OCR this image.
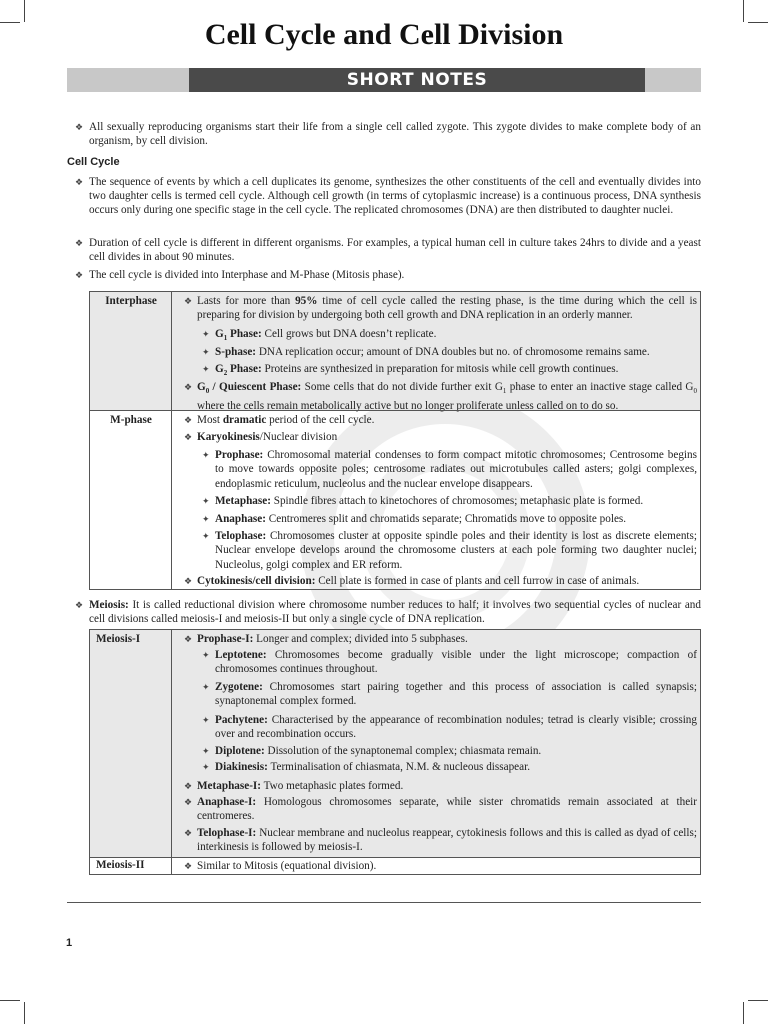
Cell Cycle and Cell Division
SHORT NOTES
❖ All sexually reproducing organisms start their life from a single cell called zygote. This zygote divides to make complete body of an organism, by cell division.
Cell Cycle
❖ The sequence of events by which a cell duplicates its genome, synthesizes the other constituents of the cell and eventually divides into two daughter cells is termed cell cycle. Although cell growth (in terms of cytoplasmic increase) is a continuous process, DNA synthesis occurs only during one specific stage in the cell cycle. The replicated chromosomes (DNA) are then distributed to daughter nuclei.
❖ Duration of cell cycle is different in different organisms. For examples, a typical human cell in culture takes 24hrs to divide and a yeast cell divides in about 90 minutes.
❖ The cell cycle is divided into Interphase and M-Phase (Mitosis phase).
Interphase	❖ Lasts for more than 95% time of cell cycle called the resting phase, is the time during which the cell is preparing for division by undergoing both cell growth and DNA replication in an orderly manner.
✦ $G_1$ Phase: Cell grows but DNA doesn’t replicate.
✦ S-phase: DNA replication occur; amount of DNA doubles but no. of chromosome remains same.
✦ $G_2$ Phase: Proteins are synthesized in preparation for mitosis while cell growth continues.
❖ $G_0$ / Quiescent Phase: Some cells that do not divide further exit $G_1$ phase to enter an inactive stage called $G_0$ where the cells remain metabolically active but no longer proliferate unless called on to do so.
M-phase	❖ Most dramatic period of the cell cycle.
❖ Karyokinesis/Nuclear division
✦ Prophase: Chromosomal material condenses to form compact mitotic chromosomes; Centrosome begins to move towards opposite poles; centrosome radiates out microtubules called asters; golgi complexes, endoplasmic reticulum, nucleolus and the nuclear envelope disappears.
✦ Metaphase: Spindle fibres attach to kinetochores of chromosomes; metaphasic plate is formed.
✦ Anaphase: Centromeres split and chromatids separate; Chromatids move to opposite poles.
✦ Telophase: Chromosomes cluster at opposite spindle poles and their identity is lost as discrete elements; Nuclear envelope develops around the chromosome clusters at each pole forming two daughter nuclei; Nucleolus, golgi complex and ER reform.
❖ Cytokinesis/cell division: Cell plate is formed in case of plants and cell furrow in case of animals.
❖ Meiosis: It is called reductional division where chromosome number reduces to half; it involves two sequential cycles of nuclear and cell divisions called meiosis-I and meiosis-II but only a single cycle of DNA replication.
Meiosis-I	❖ Prophase-I: Longer and complex; divided into 5 subphases.
✦ Leptotene: Chromosomes become gradually visible under the light microscope; compaction of chromosomes continues throughout.
✦ Zygotene: Chromosomes start pairing together and this process of association is called synapsis; synaptonemal complex formed.
✦ Pachytene: Characterised by the appearance of recombination nodules; tetrad is clearly visible; crossing over and recombination occurs.
✦ Diplotene: Dissolution of the synaptonemal complex; chiasmata remain.
✦ Diakinesis: Terminalisation of chiasmata, N.M. & nucleous dissapear.
❖ Metaphase-I: Two metaphasic plates formed.
❖ Anaphase-I: Homologous chromosomes separate, while sister chromatids remain associated at their centromeres.
❖ Telophase-I: Nuclear membrane and nucleolus reappear, cytokinesis follows and this is called as dyad of cells; interkinesis is followed by meiosis-I.
Meiosis-II	❖ Similar to Mitosis (equational division).
1
